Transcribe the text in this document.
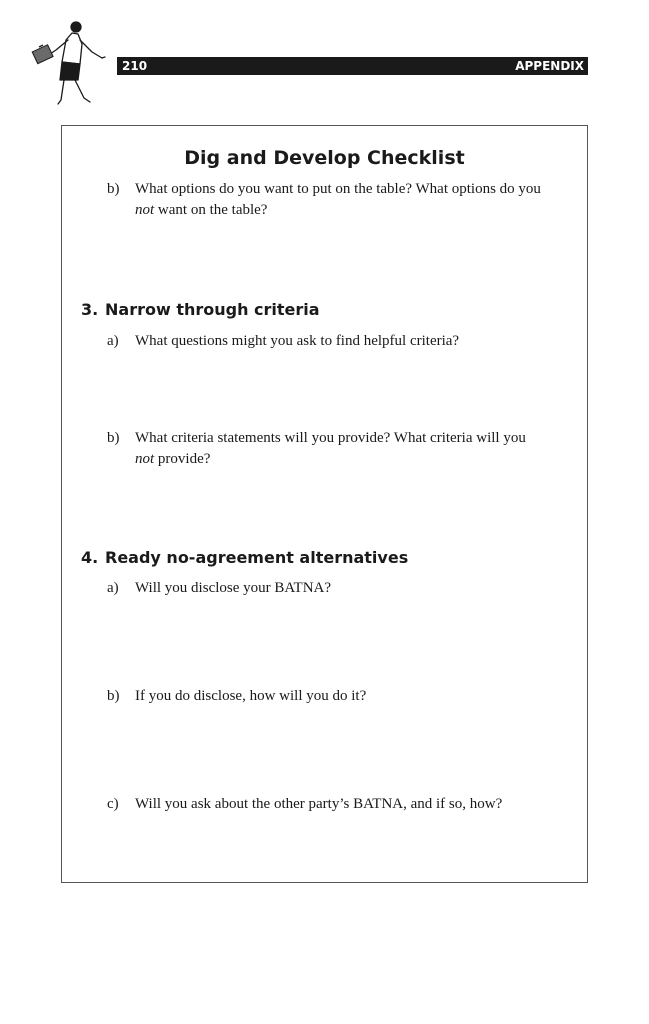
210	APPENDIX
Dig and Develop Checklist
b) What options do you want to put on the table? What options do you
not want on the table?
3. Narrow through criteria
a) What questions might you ask to find helpful criteria?
b) What criteria statements will you provide? What criteria will you
not provide?
4. Ready no-agreement alternatives
a) Will you disclose your BATNA?
b) If you do disclose, how will you do it?
c) Will you ask about the other party’s BATNA, and if so, how?
